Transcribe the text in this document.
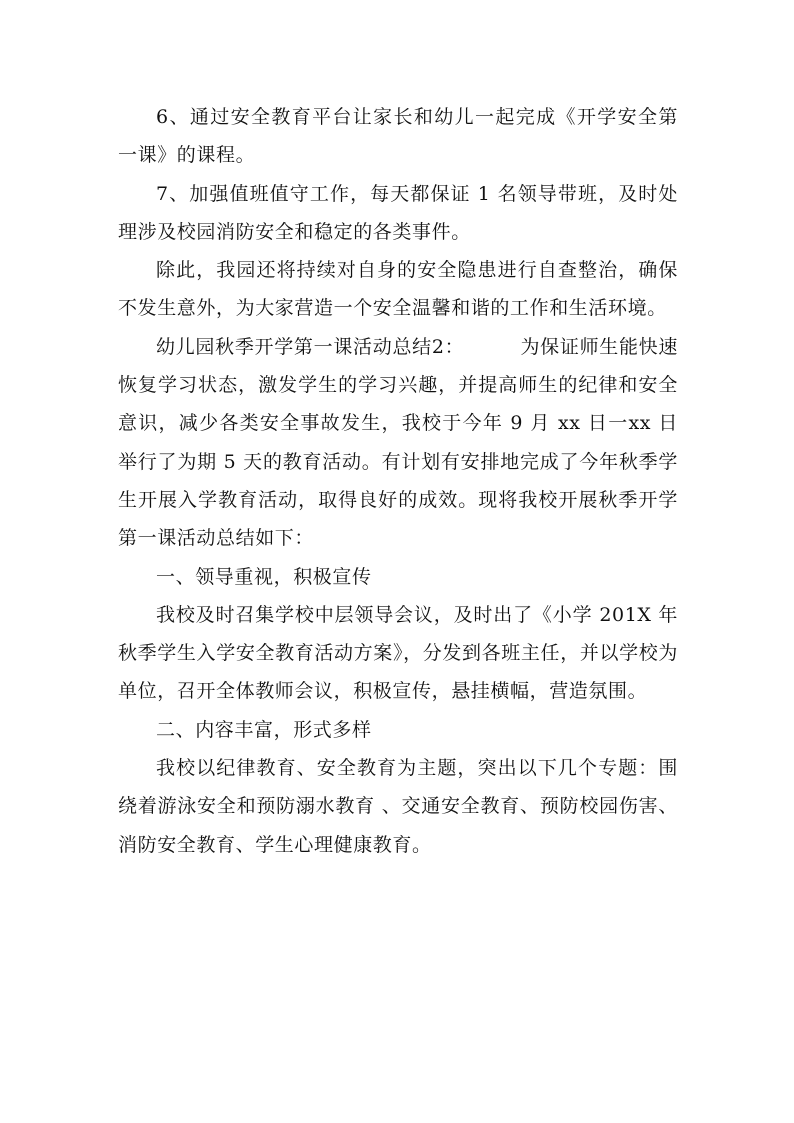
6、通过安全教育平台让家长和幼儿一起完成《开学安全第一课》的课程。

7、加强值班值守工作，每天都保证 1 名领导带班，及时处理涉及校园消防安全和稳定的各类事件。

除此，我园还将持续对自身的安全隐患进行自查整治，确保不发生意外，为大家营造一个安全温馨和谐的工作和生活环境。

幼儿园秋季开学第一课活动总结2：	为保证师生能快速恢复学习状态，激发学生的学习兴趣，并提高师生的纪律和安全意识，减少各类安全事故发生，我校于今年 9 月 xx 日一xx 日举行了为期 5 天的教育活动。有计划有安排地完成了今年秋季学生开展入学教育活动，取得良好的成效。现将我校开展秋季开学第一课活动总结如下：

一、领导重视，积极宣传

我校及时召集学校中层领导会议，及时出了《小学 201X 年秋季学生入学安全教育活动方案》，分发到各班主任，并以学校为单位，召开全体教师会议，积极宣传，悬挂横幅，营造氛围。

二、内容丰富，形式多样

我校以纪律教育、安全教育为主题，突出以下几个专题：围绕着游泳安全和预防溺水教育 、交通安全教育、预防校园伤害、消防安全教育、学生心理健康教育。
